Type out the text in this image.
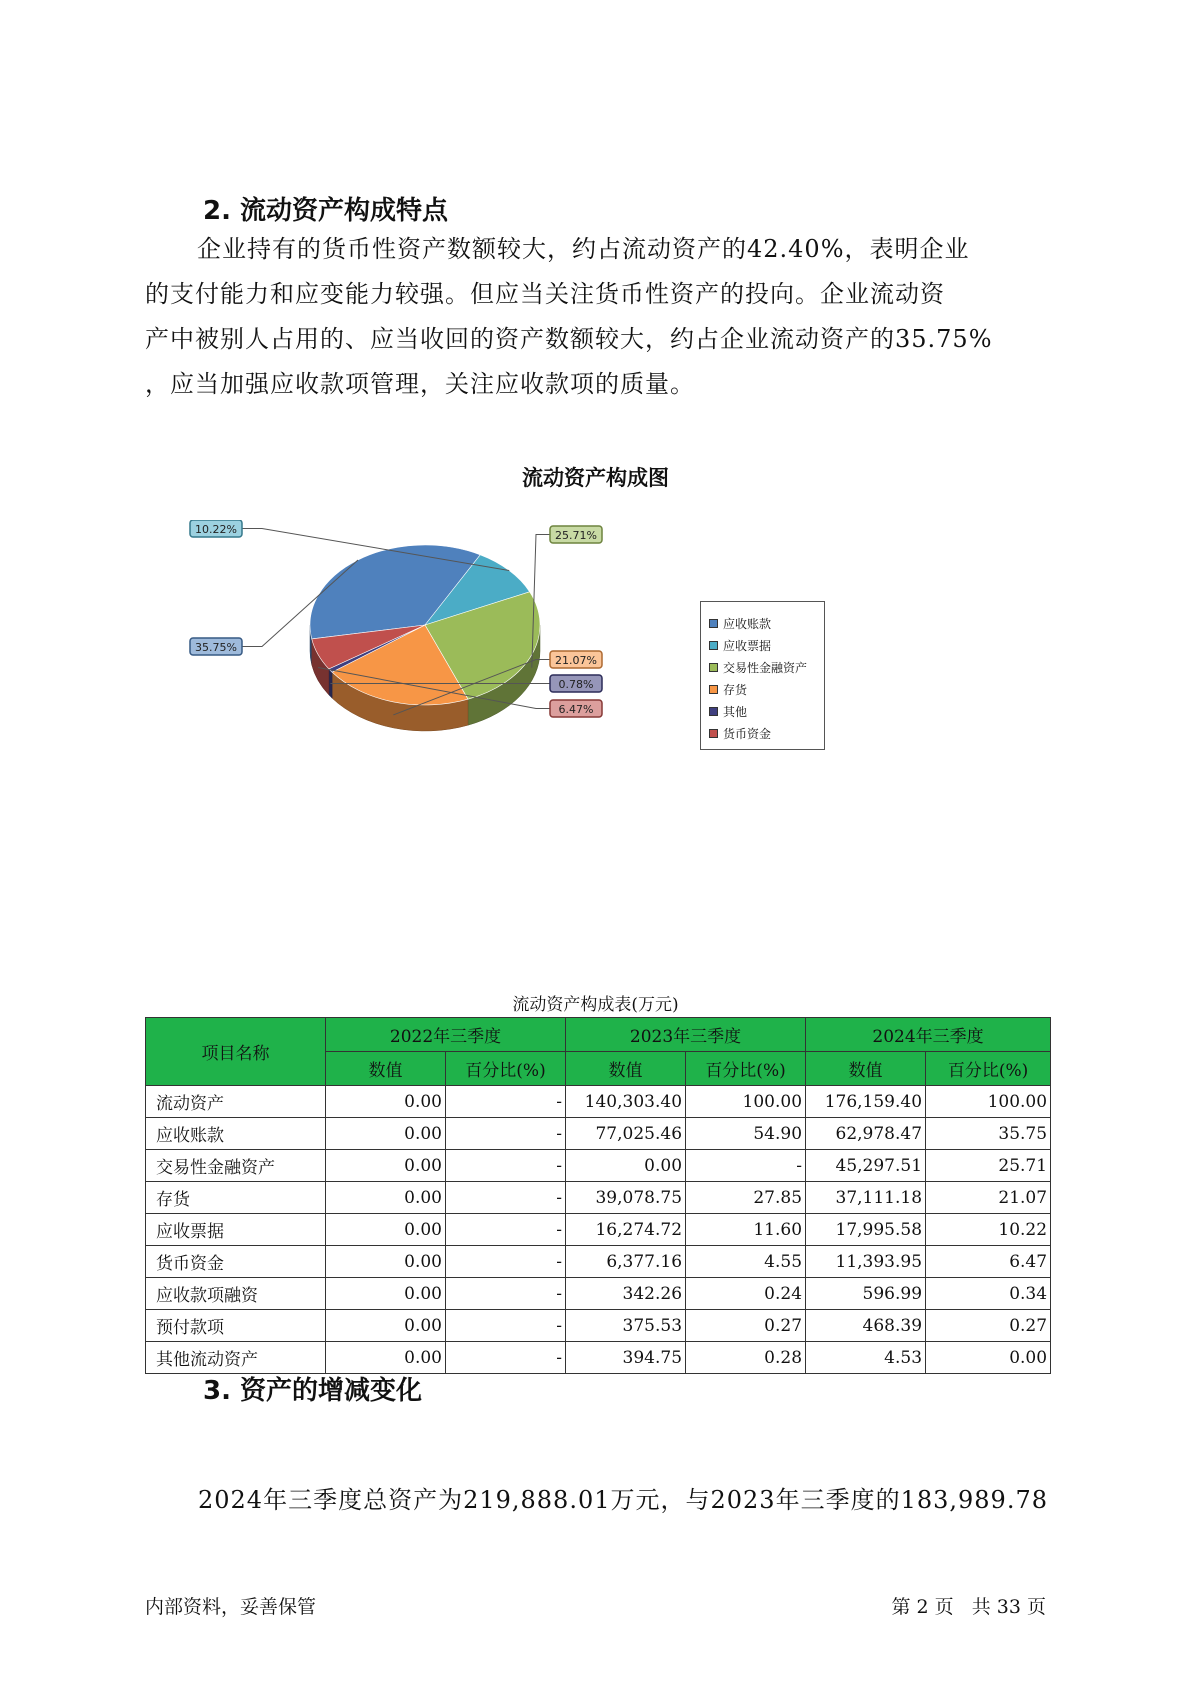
2. 流动资产构成特点
企业持有的货币性资产数额较大，约占流动资产的42.40%，表明企业
的支付能力和应变能力较强。但应当关注货币性资产的投向。企业流动资
产中被别人占用的、应当收回的资产数额较大，约占企业流动资产的35.75%
，应当加强应收款项管理，关注应收款项的质量。
流动资产构成图
35.75%
10.22%	25.71%
21.07%
0.78%
6.47%
应收账款
应收票据
交易性金融资产
存货
其他
货币资金
流动资产构成表(万元)
项目名称	2022年三季度		2023年三季度		2024年三季度	
	数值	百分比(%)	数值	百分比(%)	数值	百分比(%)
流动资产	0.00	-	140,303.40	100.00	176,159.40	100.00
应收账款	0.00	-	77,025.46	54.90	62,978.47	35.75
交易性金融资产	0.00	-	0.00	-	45,297.51	25.71
存货	0.00	-	39,078.75	27.85	37,111.18	21.07
应收票据	0.00	-	16,274.72	11.60	17,995.58	10.22
货币资金	0.00	-	6,377.16	4.55	11,393.95	6.47
应收款项融资	0.00	-	342.26	0.24	596.99	0.34
预付款项	0.00	-	375.53	0.27	468.39	0.27
其他流动资产	0.00	-	394.75	0.28	4.53	0.00
3. 资产的增减变化
2024年三季度总资产为219,888.01万元，与2023年三季度的183,989.78
内部资料，妥善保管	第 2 页   共 33 页
